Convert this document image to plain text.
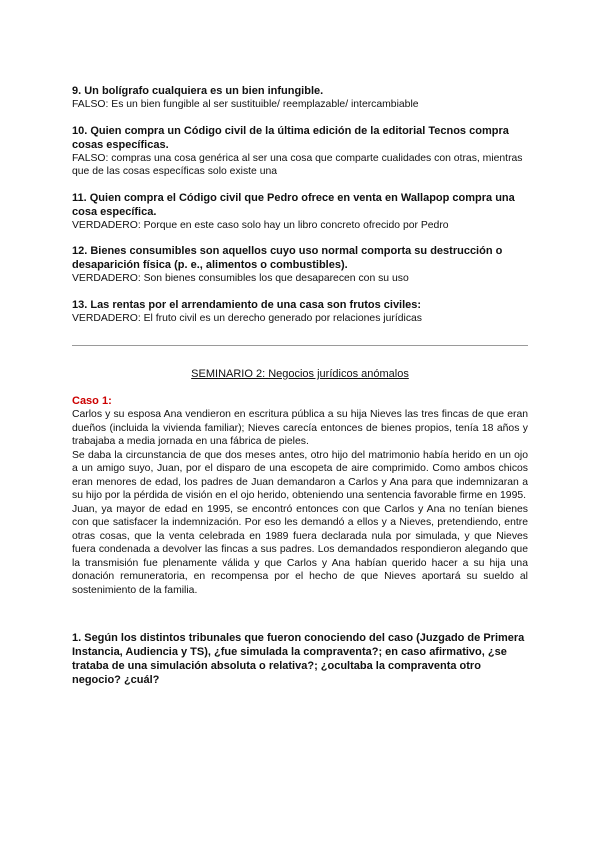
9. Un bolígrafo cualquiera es un bien infungible.

FALSO: Es un bien fungible al ser sustituible/ reemplazable/ intercambiable

10. Quien compra un Código civil de la última edición de la editorial Tecnos compra cosas específicas.

FALSO: compras una cosa genérica al ser una cosa que comparte cualidades con otras, mientras que de las cosas específicas solo existe una

11. Quien compra el Código civil que Pedro ofrece en venta en Wallapop compra una cosa específica.

VERDADERO: Porque en este caso solo hay un libro concreto ofrecido por Pedro

12. Bienes consumibles son aquellos cuyo uso normal comporta su destrucción o desaparición física (p. e., alimentos o combustibles).

VERDADERO: Son bienes consumibles los que desaparecen con su uso

13. Las rentas por el arrendamiento de una casa son frutos civiles:

VERDADERO: El fruto civil es un derecho generado por relaciones jurídicas

SEMINARIO 2: Negocios jurídicos anómalos

Caso 1:

Carlos y su esposa Ana vendieron en escritura pública a su hija Nieves las tres fincas de que eran dueños (incluida la vivienda familiar); Nieves carecía entonces de bienes propios, tenía 18 años y trabajaba a media jornada en una fábrica de pieles.

Se daba la circunstancia de que dos meses antes, otro hijo del matrimonio había herido en un ojo a un amigo suyo, Juan, por el disparo de una escopeta de aire comprimido. Como ambos chicos eran menores de edad, los padres de Juan demandaron a Carlos y Ana para que indemnizaran a su hijo por la pérdida de visión en el ojo herido, obteniendo una sentencia favorable firme en 1995.

Juan, ya mayor de edad en 1995, se encontró entonces con que Carlos y Ana no tenían bienes con que satisfacer la indemnización. Por eso les demandó a ellos y a Nieves, pretendiendo, entre otras cosas, que la venta celebrada en 1989 fuera declarada nula por simulada, y que Nieves fuera condenada a devolver las fincas a sus padres. Los demandados respondieron alegando que la transmisión fue plenamente válida y que Carlos y Ana habían querido hacer a su hija una donación remuneratoria, en recompensa por el hecho de que Nieves aportará su sueldo al sostenimiento de la familia.

1. Según los distintos tribunales que fueron conociendo del caso (Juzgado de Primera Instancia, Audiencia y TS), ¿fue simulada la compraventa?; en caso afirmativo, ¿se trataba de una simulación absoluta o relativa?; ¿ocultaba la compraventa otro negocio? ¿cuál?
